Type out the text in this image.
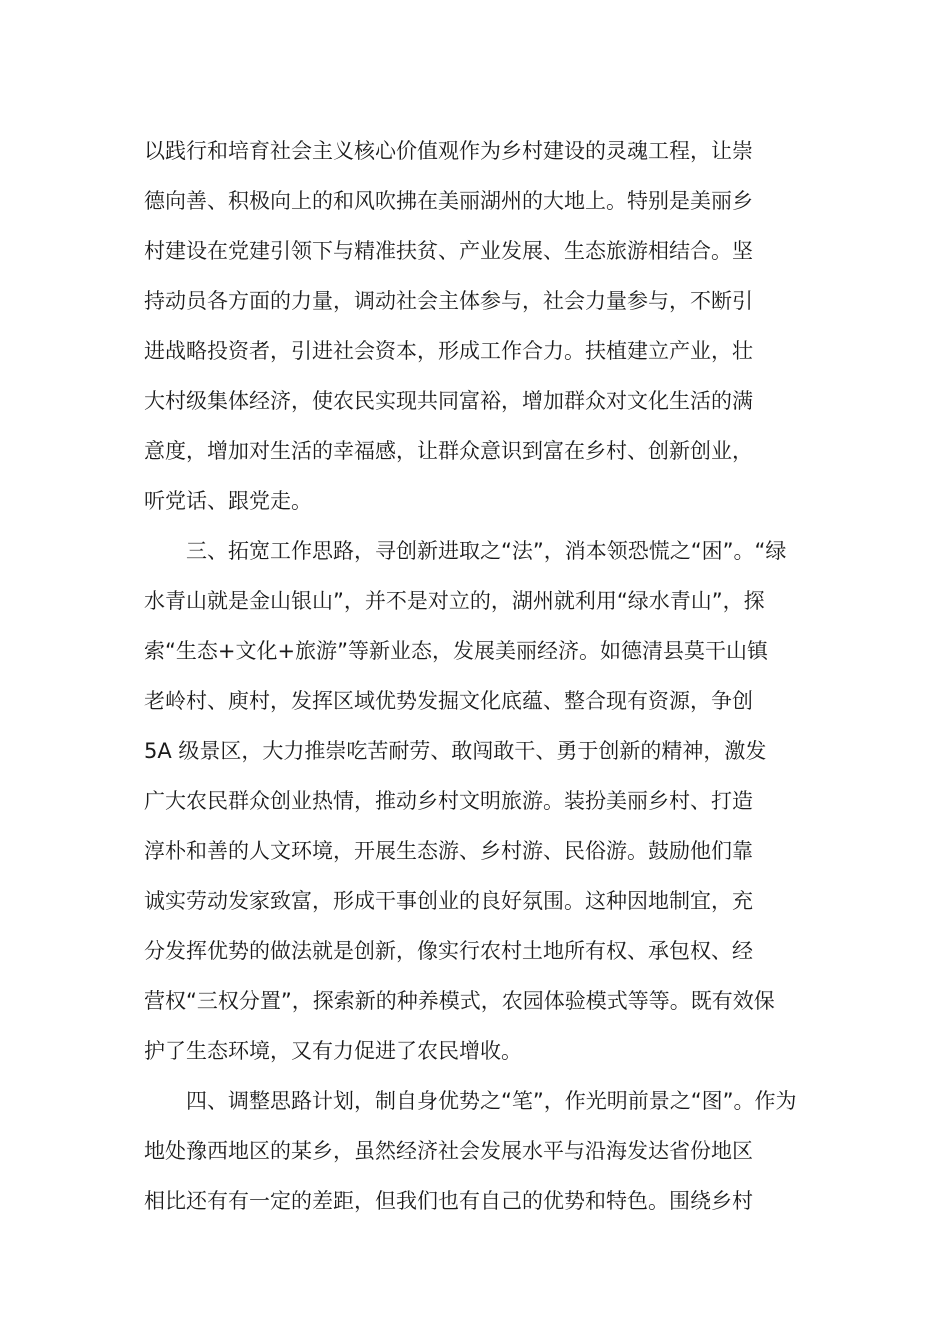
以践行和培育社会主义核心价值观作为乡村建设的灵魂工程，让崇
德向善、积极向上的和风吹拂在美丽湖州的大地上。特别是美丽乡
村建设在党建引领下与精准扶贫、产业发展、生态旅游相结合。坚
持动员各方面的力量，调动社会主体参与，社会力量参与，不断引
进战略投资者，引进社会资本，形成工作合力。扶植建立产业，壮
大村级集体经济，使农民实现共同富裕，增加群众对文化生活的满
意度，增加对生活的幸福感，让群众意识到富在乡村、创新创业，
听党话、跟党走。
　　三、拓宽工作思路，寻创新进取之“法”，消本领恐慌之“困”。“绿
水青山就是金山银山”，并不是对立的，湖州就利用“绿水青山”，探
索“生态+文化+旅游”等新业态，发展美丽经济。如德清县莫干山镇
老岭村、庾村，发挥区域优势发掘文化底蕴、整合现有资源，争创
5A 级景区，大力推崇吃苦耐劳、敢闯敢干、勇于创新的精神，激发
广大农民群众创业热情，推动乡村文明旅游。装扮美丽乡村、打造
淳朴和善的人文环境，开展生态游、乡村游、民俗游。鼓励他们靠
诚实劳动发家致富，形成干事创业的良好氛围。这种因地制宜，充
分发挥优势的做法就是创新，像实行农村土地所有权、承包权、经
营权“三权分置”，探索新的种养模式，农园体验模式等等。既有效保
护了生态环境，又有力促进了农民增收。
　　四、调整思路计划，制自身优势之“笔”，作光明前景之“图”。作为
地处豫西地区的某乡，虽然经济社会发展水平与沿海发达省份地区
相比还有有一定的差距，但我们也有自己的优势和特色。围绕乡村
